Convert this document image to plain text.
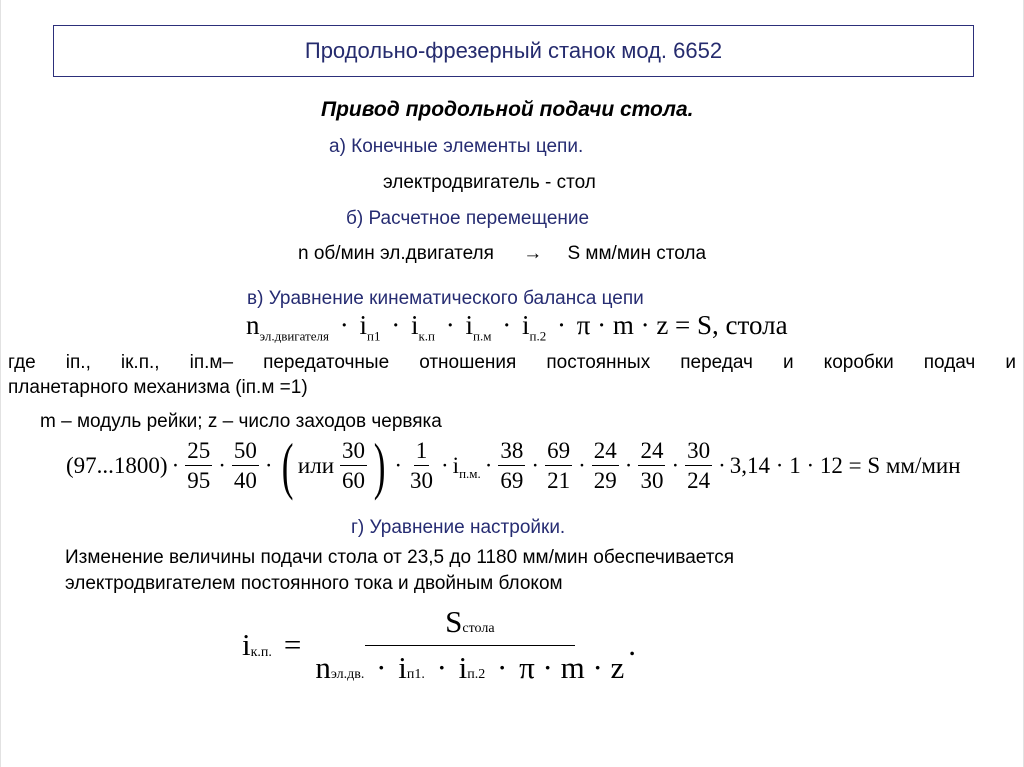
Продольно-фрезерный станок мод. 6652
Привод продольной подачи стола.
а) Конечные элементы цепи.
электродвигатель - стол
б) Расчетное перемещение
n об/мин эл.двигателя → S мм/мин стола
в) Уравнение кинематического баланса цепи
$n_{эл.двигателя} \cdot i_{п1} \cdot i_{к.п} \cdot i_{п.м} \cdot i_{п.2} \cdot \pi \cdot m \cdot z = S$, стола
где iп., iк.п., iп.м– передаточные отношения постоянных передач и коробки подач и
планетарного механизма (iп.м =1)
m – модуль рейки; z – число заходов червяка
$(97...1800) \cdot \frac{25}{95} \cdot \frac{50}{40}$ · ( или $\frac{30}{60}$ ) · $\frac{1}{30} \cdot i$ п.м. · $\frac{38}{69} \cdot \frac{69}{21} \cdot \frac{24}{29} \cdot \frac{24}{30} \cdot \frac{30}{24} \cdot 3,14 \cdot 1 \cdot 12 = S$ мм/мин
г) Уравнение настройки.
Изменение величины подачи стола от 23,5 до 1180 мм/мин обеспечивается
электродвигателем постоянного тока и двойным блоком
i к.п. =
Sстола
nэл.дв. · iп1. · iп.2 · π · m · z
.
